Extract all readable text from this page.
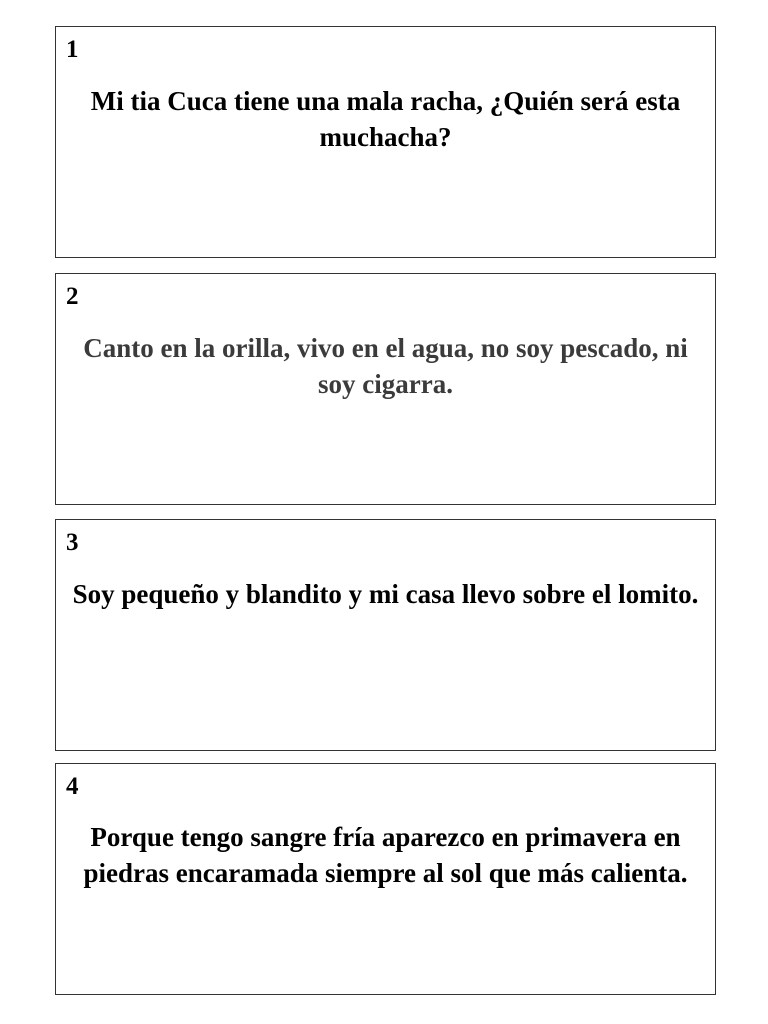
1
Mi tia Cuca tiene una mala racha, ¿Quién será esta muchacha?
2
Canto en la orilla, vivo en el agua, no soy pescado, ni soy cigarra.
3
Soy pequeño y blandito y mi casa llevo sobre el lomito.
4
Porque tengo sangre fría aparezco en primavera en piedras encaramada siempre al sol que más calienta.
